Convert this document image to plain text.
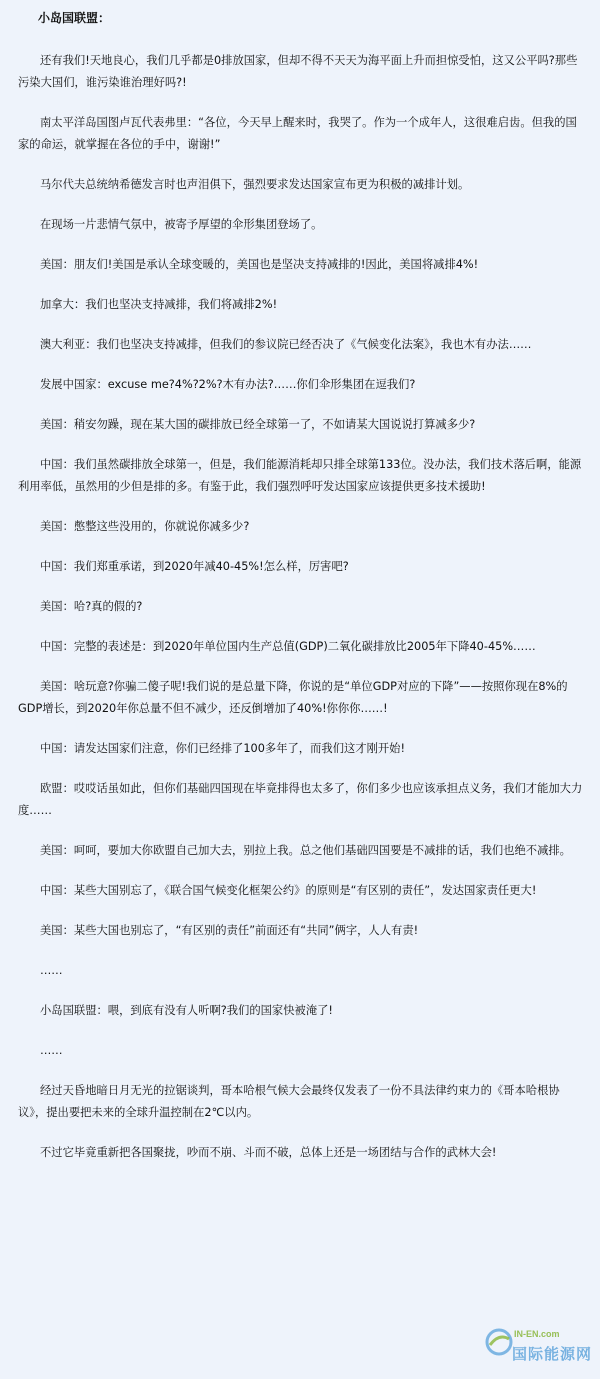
小岛国联盟：

还有我们!天地良心，我们几乎都是0排放国家，但却不得不天天为海平面上升而担惊受怕，这又公平吗?那些污染大国们，谁污染谁治理好吗?!

南太平洋岛国图卢瓦代表弗里：“各位，今天早上醒来时，我哭了。作为一个成年人，这很难启齿。但我的国家的命运，就掌握在各位的手中，谢谢!”

马尔代夫总统纳希德发言时也声泪俱下，强烈要求发达国家宣布更为积极的减排计划。

在现场一片悲情气氛中，被寄予厚望的伞形集团登场了。

美国：朋友们!美国是承认全球变暖的，美国也是坚决支持减排的!因此，美国将减排4%!

加拿大：我们也坚决支持减排，我们将减排2%!

澳大利亚：我们也坚决支持减排，但我们的参议院已经否决了《气候变化法案》，我也木有办法……

发展中国家：excuse me?4%?2%?木有办法?……你们伞形集团在逗我们?

美国：稍安勿躁，现在某大国的碳排放已经全球第一了，不如请某大国说说打算减多少?

中国：我们虽然碳排放全球第一，但是，我们能源消耗却只排全球第133位。没办法，我们技术落后啊，能源利用率低，虽然用的少但是排的多。有鉴于此，我们强烈呼吁发达国家应该提供更多技术援助!

美国：憋整这些没用的，你就说你减多少?

中国：我们郑重承诺，到2020年减40-45%!怎么样，厉害吧?

美国：哈?真的假的?

中国：完整的表述是：到2020年单位国内生产总值(GDP)二氧化碳排放比2005年下降40-45%……

美国：啥玩意?你骗二傻子呢!我们说的是总量下降，你说的是“单位GDP对应的下降”——按照你现在8%的GDP增长，到2020年你总量不但不减少，还反倒增加了40%!你你你……!

中国：请发达国家们注意，你们已经排了100多年了，而我们这才刚开始!

欧盟：哎哎话虽如此，但你们基础四国现在毕竟排得也太多了，你们多少也应该承担点义务，我们才能加大力度……

美国：呵呵，要加大你欧盟自己加大去，别拉上我。总之他们基础四国要是不减排的话，我们也绝不减排。

中国：某些大国别忘了，《联合国气候变化框架公约》的原则是“有区别的责任”，发达国家责任更大!

美国：某些大国也别忘了，“有区别的责任”前面还有“共同”俩字，人人有责!

……

小岛国联盟：喂，到底有没有人听啊?我们的国家快被淹了!

……

经过天昏地暗日月无光的拉锯谈判，哥本哈根气候大会最终仅发表了一份不具法律约束力的《哥本哈根协议》，提出要把未来的全球升温控制在2℃以内。

不过它毕竟重新把各国聚拢，吵而不崩、斗而不破，总体上还是一场团结与合作的武林大会!

IN-EN.com
国际能源网
